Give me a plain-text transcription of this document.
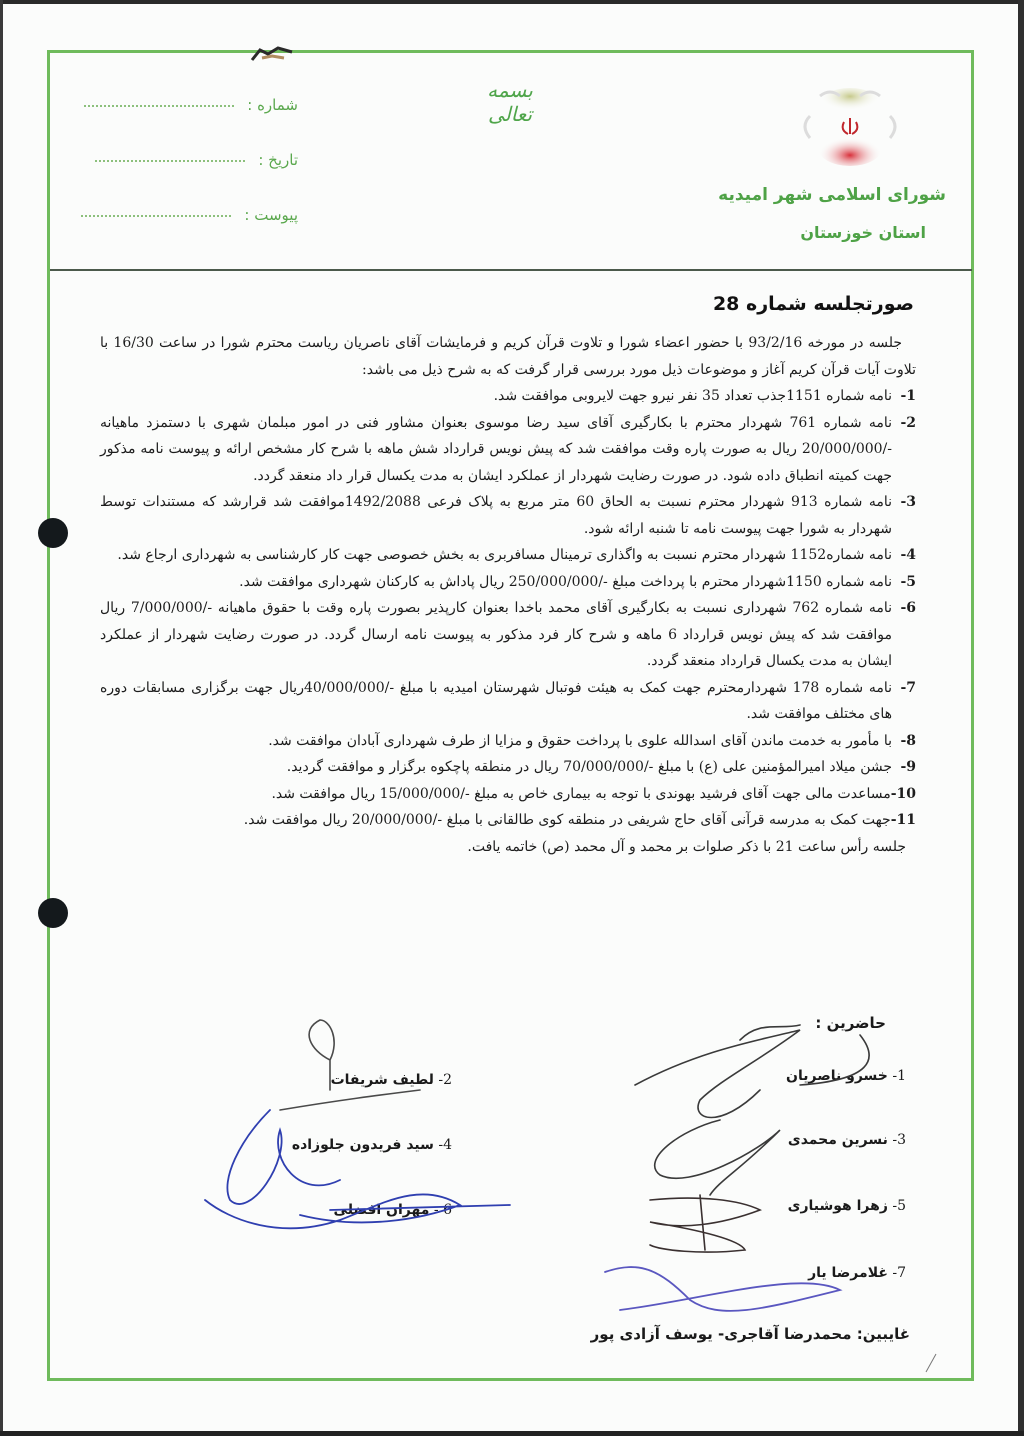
بسمه تعالی
شماره :
تاریخ :
پیوست :
شورای اسلامی شهر امیدیه
استان خوزستان
صورتجلسه شماره 28

جلسه در مورخه 93/2/16 با حضور اعضاء شورا و تلاوت قرآن کریم و فرمایشات آقای ناصریان ریاست محترم شورا در ساعت 16/30 با تلاوت آیات قرآن کریم آغاز و موضوعات ذیل مورد بررسی قرار گرفت که به شرح ذیل می باشد:

1-
نامه شماره 1151جذب تعداد 35 نفر نیرو جهت لایروبی موافقت شد.
2-
نامه شماره 761 شهردار محترم با بکارگیری آقای سید رضا موسوی بعنوان مشاور فنی در امور مبلمان شهری با دستمزد ماهیانه -/20/000/000 ریال به صورت پاره وقت موافقت شد که پیش نویس قرارداد شش ماهه با شرح کار مشخص ارائه و پیوست نامه مذکور جهت کمیته انطباق داده شود. در صورت رضایت شهردار از عملکرد ایشان به مدت یکسال قرار داد منعقد گردد.
3-
نامه شماره 913 شهردار محترم نسبت به الحاق 60 متر مربع به پلاک فرعی 1492/2088موافقت شد قرارشد که مستندات توسط شهردار به شورا جهت پیوست نامه تا شنبه ارائه شود.
4-
نامه شماره1152 شهردار محترم نسبت به واگذاری ترمینال مسافربری به بخش خصوصی جهت کار کارشناسی به شهرداری ارجاع شد.
5-
نامه شماره 1150شهردار محترم با پرداخت مبلغ -/250/000/000 ریال پاداش به کارکنان شهرداری موافقت شد.
6-
نامه شماره 762 شهرداری نسبت به بکارگیری آقای محمد باخدا بعنوان کارپذیر بصورت پاره وقت با حقوق ماهیانه -/7/000/000 ریال موافقت شد که پیش نویس قرارداد 6 ماهه و شرح کار فرد مذکور به پیوست نامه ارسال گردد. در صورت رضایت شهردار از عملکرد ایشان به مدت یکسال قرارداد منعقد گردد.
7-
نامه شماره 178 شهردارمحترم جهت کمک به هیئت فوتبال شهرستان امیدیه با مبلغ -/40/000/000ریال جهت برگزاری مسابقات دوره های مختلف موافقت شد.
8-
با مأمور به خدمت ماندن آقای اسدالله علوی با پرداخت حقوق و مزایا از طرف شهرداری آبادان موافقت شد.
9-
جشن میلاد امیرالمؤمنین علی (ع) با مبلغ -/70/000/000 ریال در منطقه پاچکوه برگزار و موافقت گردید.
10-
مساعدت مالی جهت آقای فرشید بهوندی با توجه به بیماری خاص به مبلغ -/15/000/000 ریال موافقت شد.
11-
جهت کمک به مدرسه قرآنی آقای حاج شریفی در منطقه کوی طالقانی با مبلغ -/20/000/000 ریال موافقت شد.

جلسه رأس ساعت 21 با ذکر صلوات بر محمد و آل محمد (ص) خاتمه یافت.

حاضرین :
1- خسرو ناصریان
2- لطیف شریفات
3- نسرین محمدی
4- سید فریدون جلوزاده
5- زهرا هوشیاری
6 - مهران افضلی
7- غلامرضا یار
غایبین: محمدرضا آقاجری- یوسف آزادی پور
